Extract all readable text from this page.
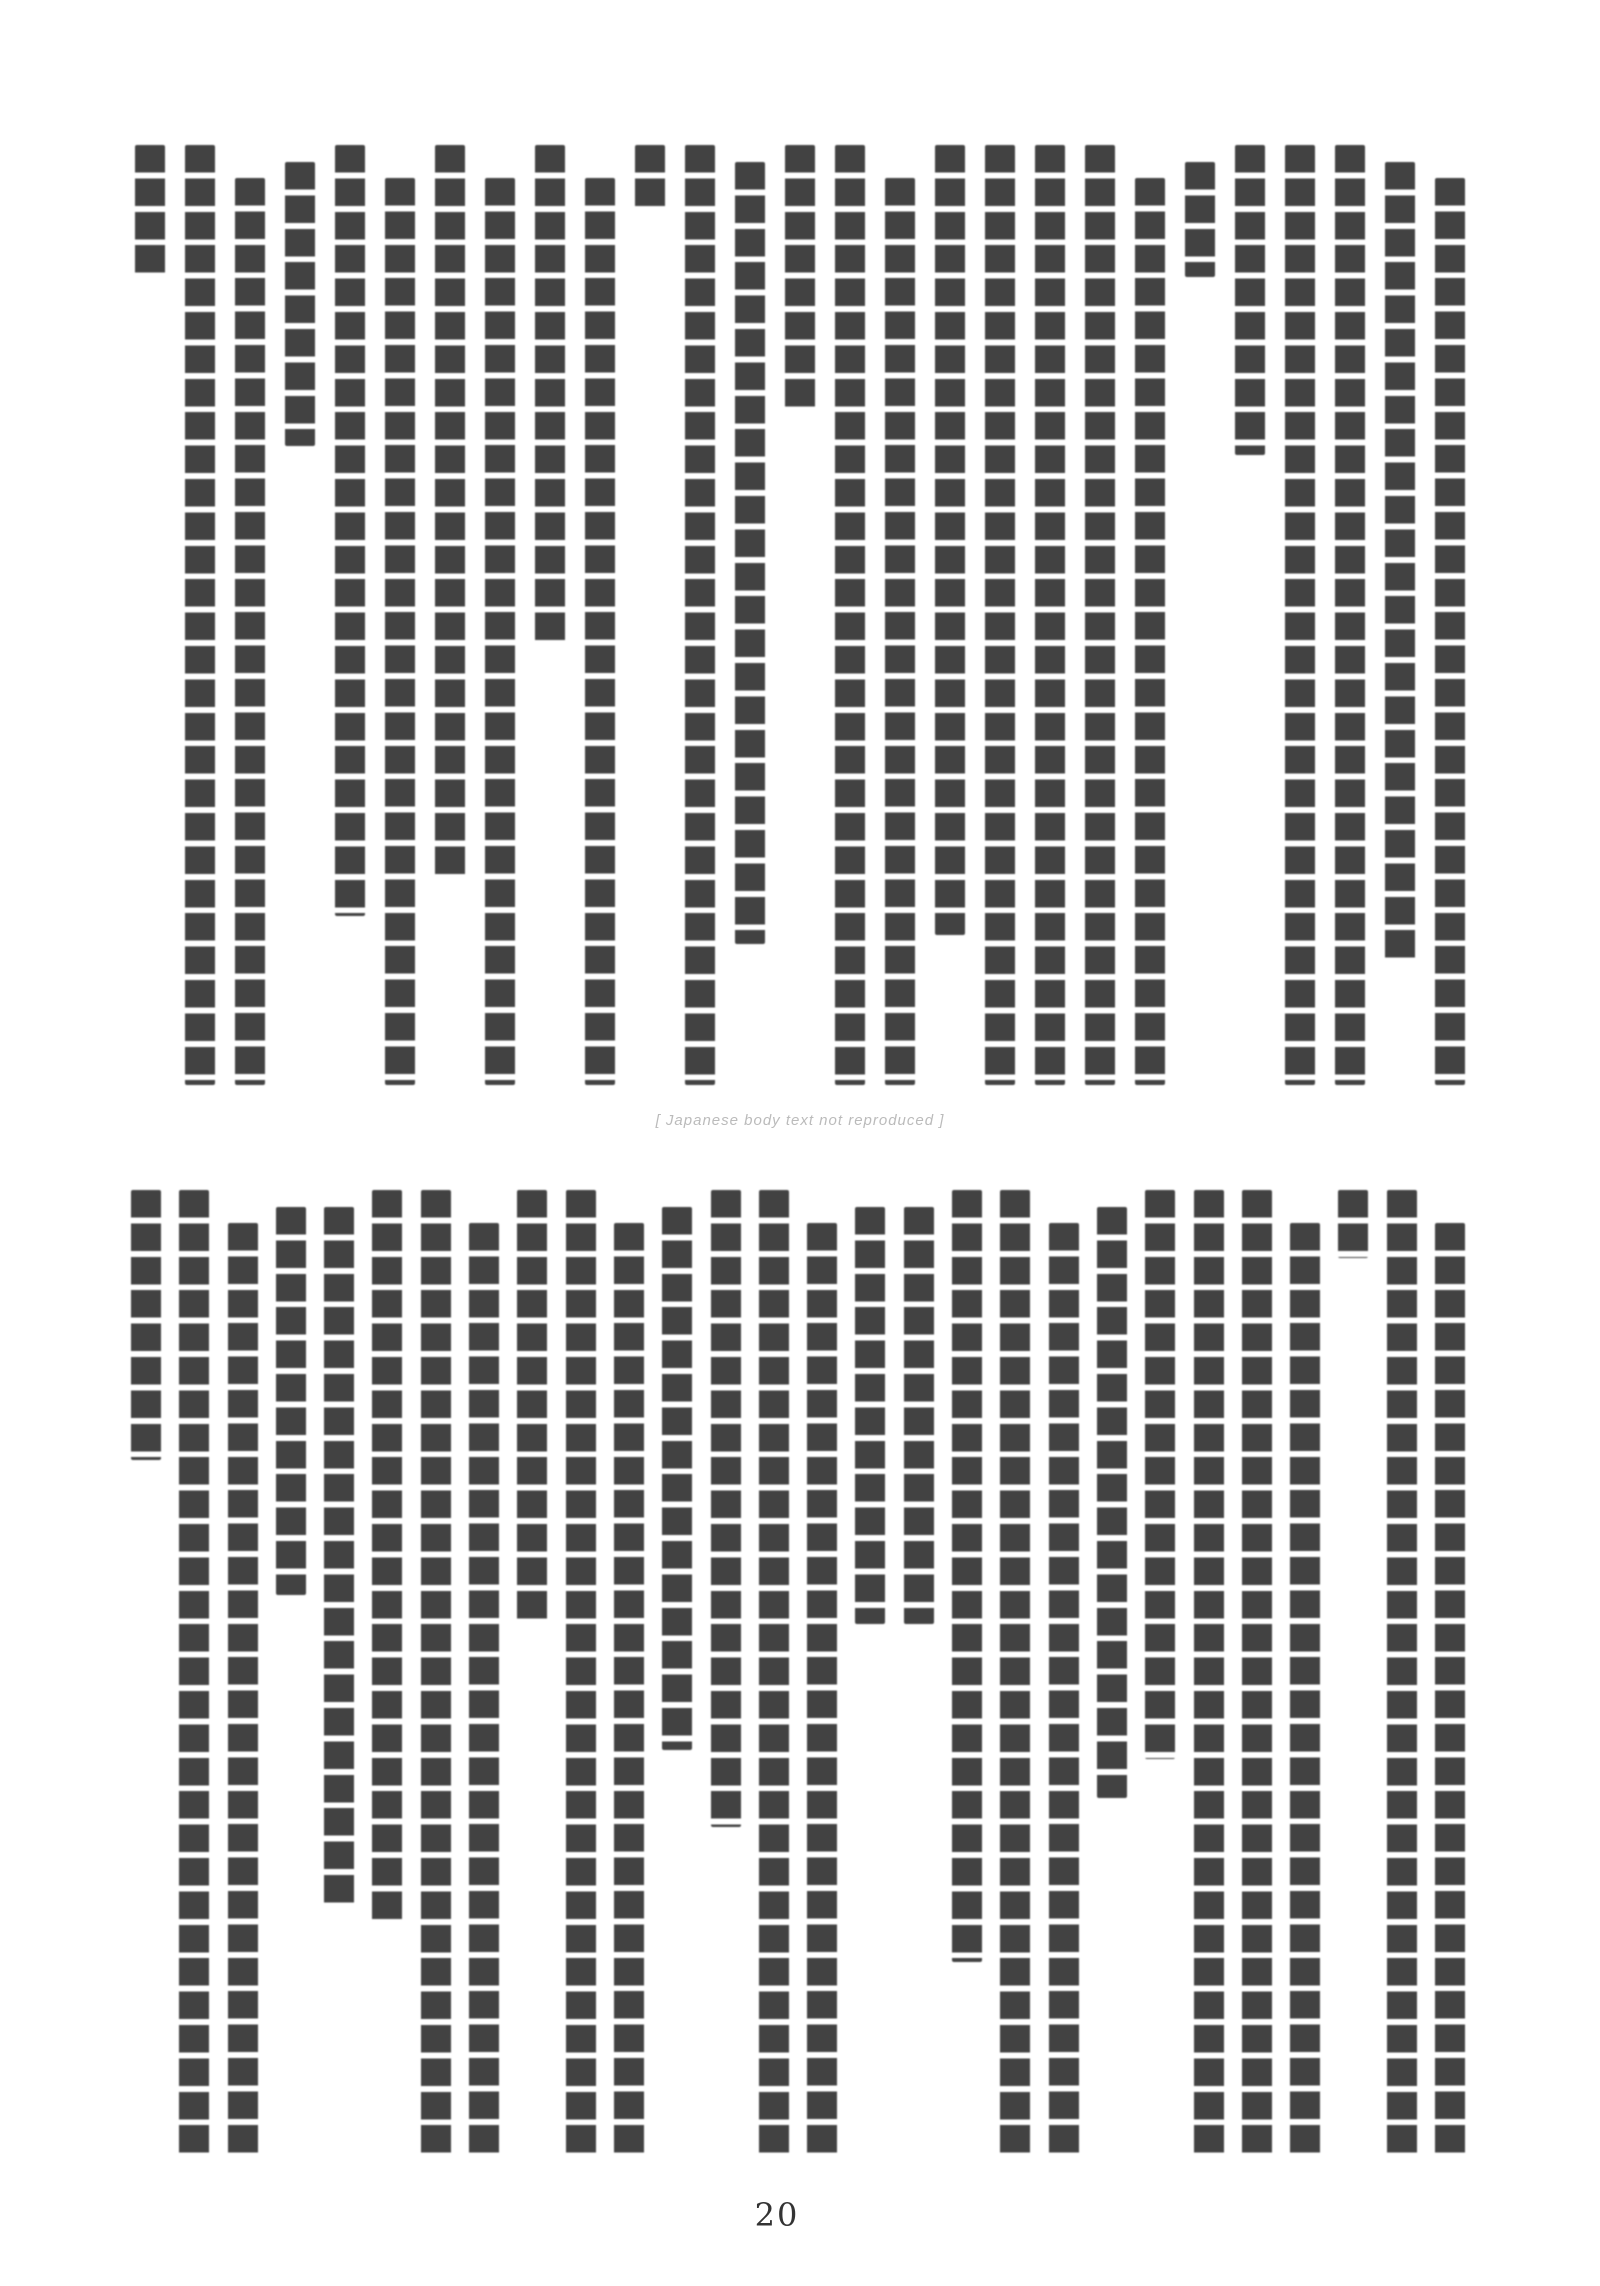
[ Japanese body text not reproduced ]
20
